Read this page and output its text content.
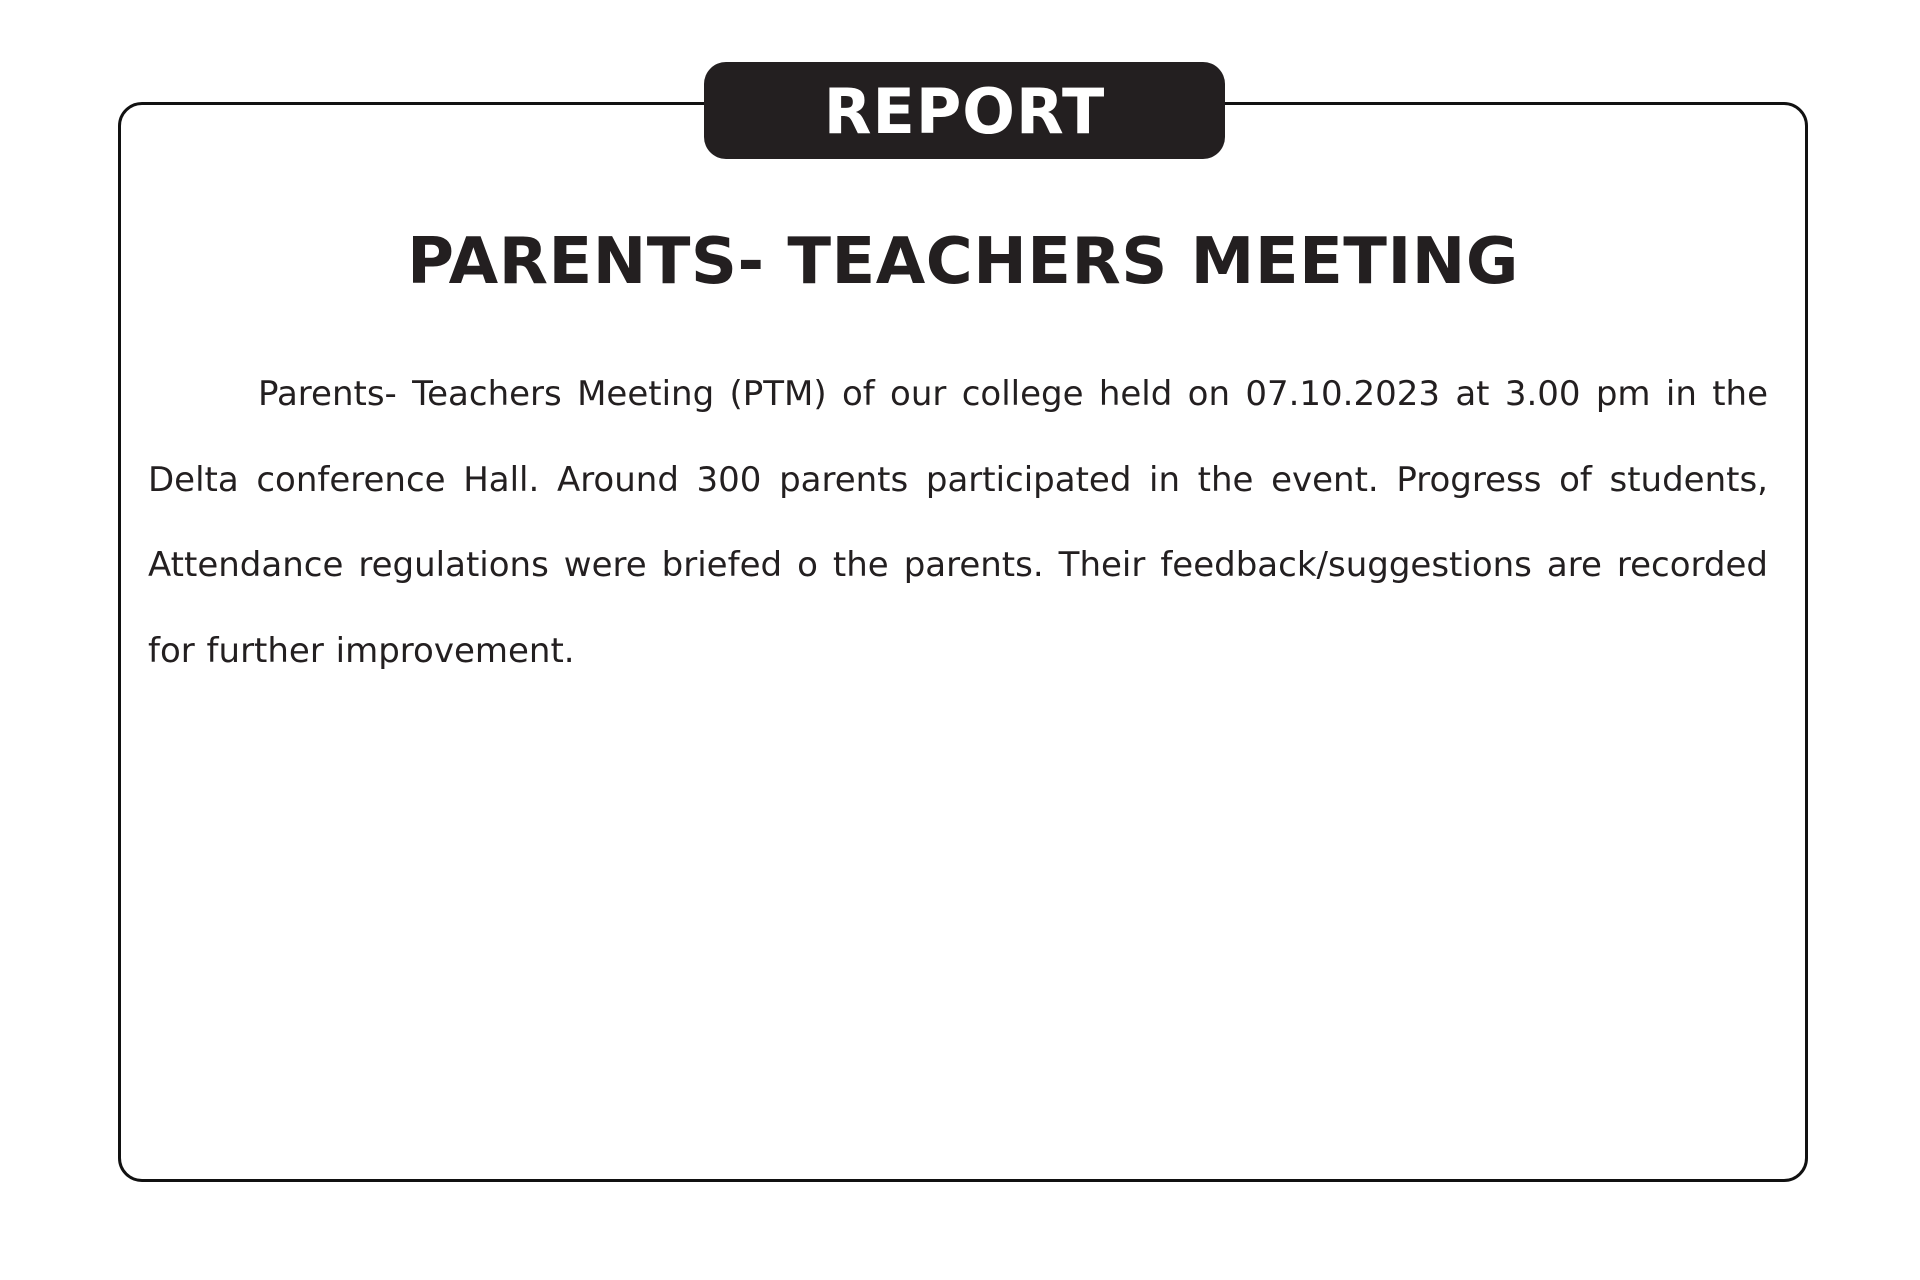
REPORT
PARENTS- TEACHERS MEETING

Parents- Teachers Meeting (PTM) of our college held on 07.10.2023 at 3.00 pm in the Delta conference Hall. Around 300 parents participated in the event. Progress of students, Attendance regulations were briefed o the parents. Their feedback/suggestions are recorded for further improvement.
